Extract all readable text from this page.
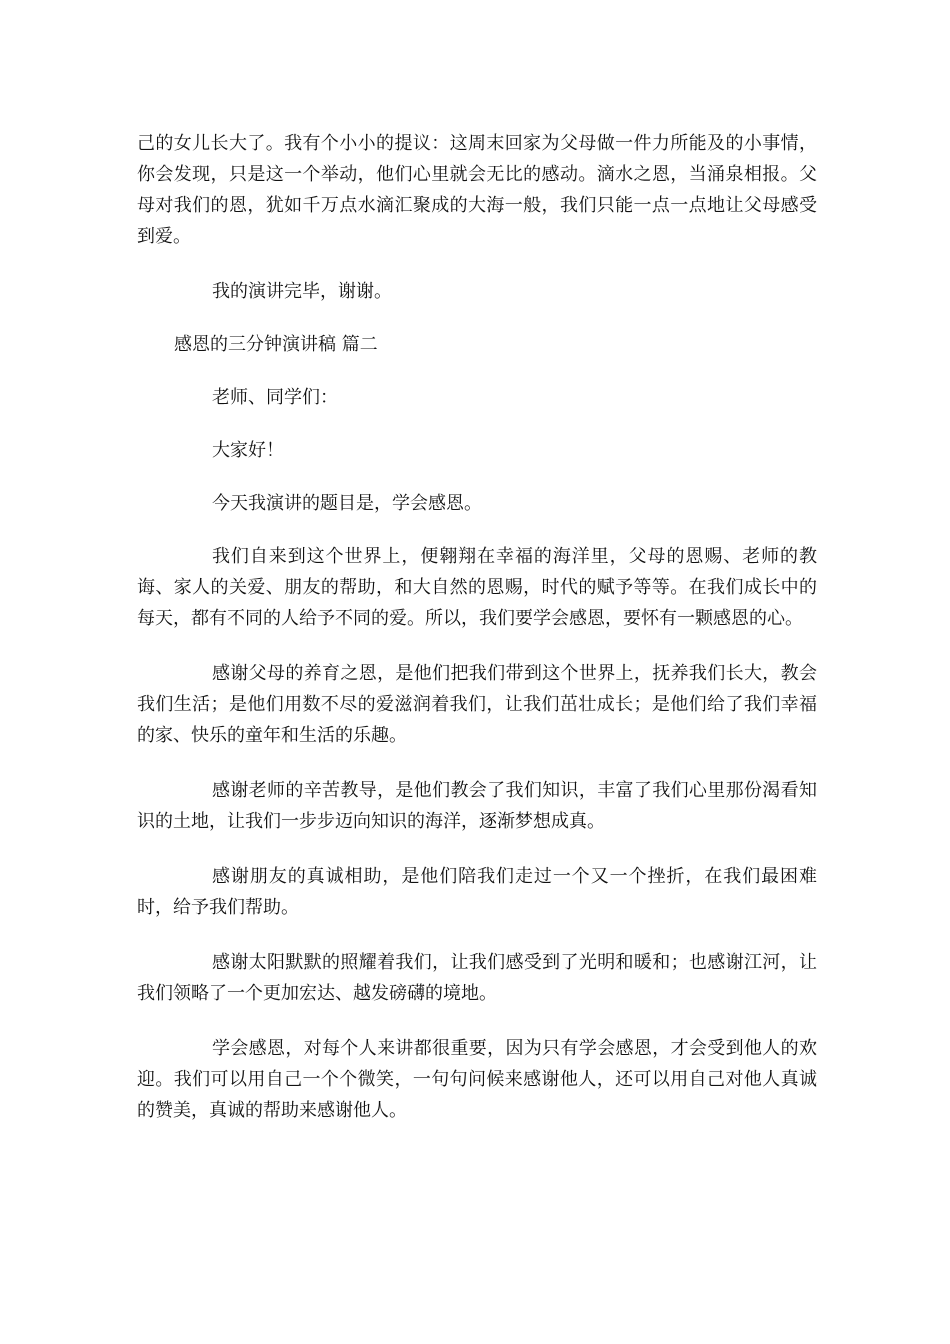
己的女儿长大了。我有个小小的提议：这周末回家为父母做一件力所能及的小事情，你会发现，只是这一个举动，他们心里就会无比的感动。滴水之恩，当涌泉相报。父母对我们的恩，犹如千万点水滴汇聚成的大海一般，我们只能一点一点地让父母感受到爱。

我的演讲完毕，谢谢。

感恩的三分钟演讲稿 篇二

老师、同学们：

大家好！

今天我演讲的题目是，学会感恩。

我们自来到这个世界上，便翱翔在幸福的海洋里，父母的恩赐、老师的教诲、家人的关爱、朋友的帮助，和大自然的恩赐，时代的赋予等等。在我们成长中的每天，都有不同的人给予不同的爱。所以，我们要学会感恩，要怀有一颗感恩的心。

感谢父母的养育之恩，是他们把我们带到这个世界上，抚养我们长大，教会我们生活；是他们用数不尽的爱滋润着我们，让我们茁壮成长；是他们给了我们幸福的家、快乐的童年和生活的乐趣。

感谢老师的辛苦教导，是他们教会了我们知识，丰富了我们心里那份渴看知识的土地，让我们一步步迈向知识的海洋，逐渐梦想成真。

感谢朋友的真诚相助，是他们陪我们走过一个又一个挫折，在我们最困难时，给予我们帮助。

感谢太阳默默的照耀着我们，让我们感受到了光明和暖和；也感谢江河，让我们领略了一个更加宏达、越发磅礴的境地。

学会感恩，对每个人来讲都很重要，因为只有学会感恩，才会受到他人的欢迎。我们可以用自己一个个微笑，一句句问候来感谢他人，还可以用自己对他人真诚的赞美，真诚的帮助来感谢他人。
